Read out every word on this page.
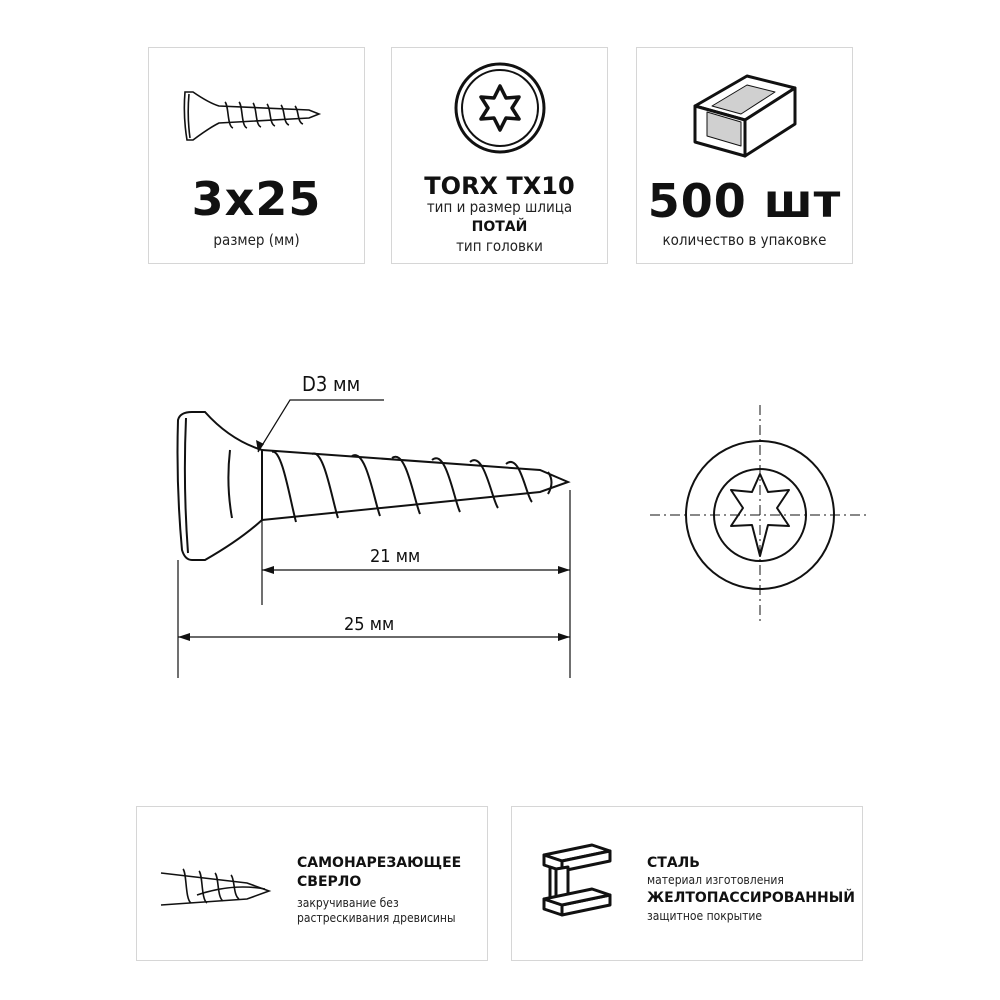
3x25
размер (мм)
TORX TX10
тип и размер шлица
ПОТАЙ
тип головки
500 шт
количество в упаковке
D3 мм
21 мм
25 мм
САМОНАРЕЗАЮЩЕЕ
СВЕРЛО
закручивание без
растрескивания древисины
СТАЛЬ
материал изготовления
ЖЕЛТОПАССИРОВАННЫЙ
защитное покрытие
